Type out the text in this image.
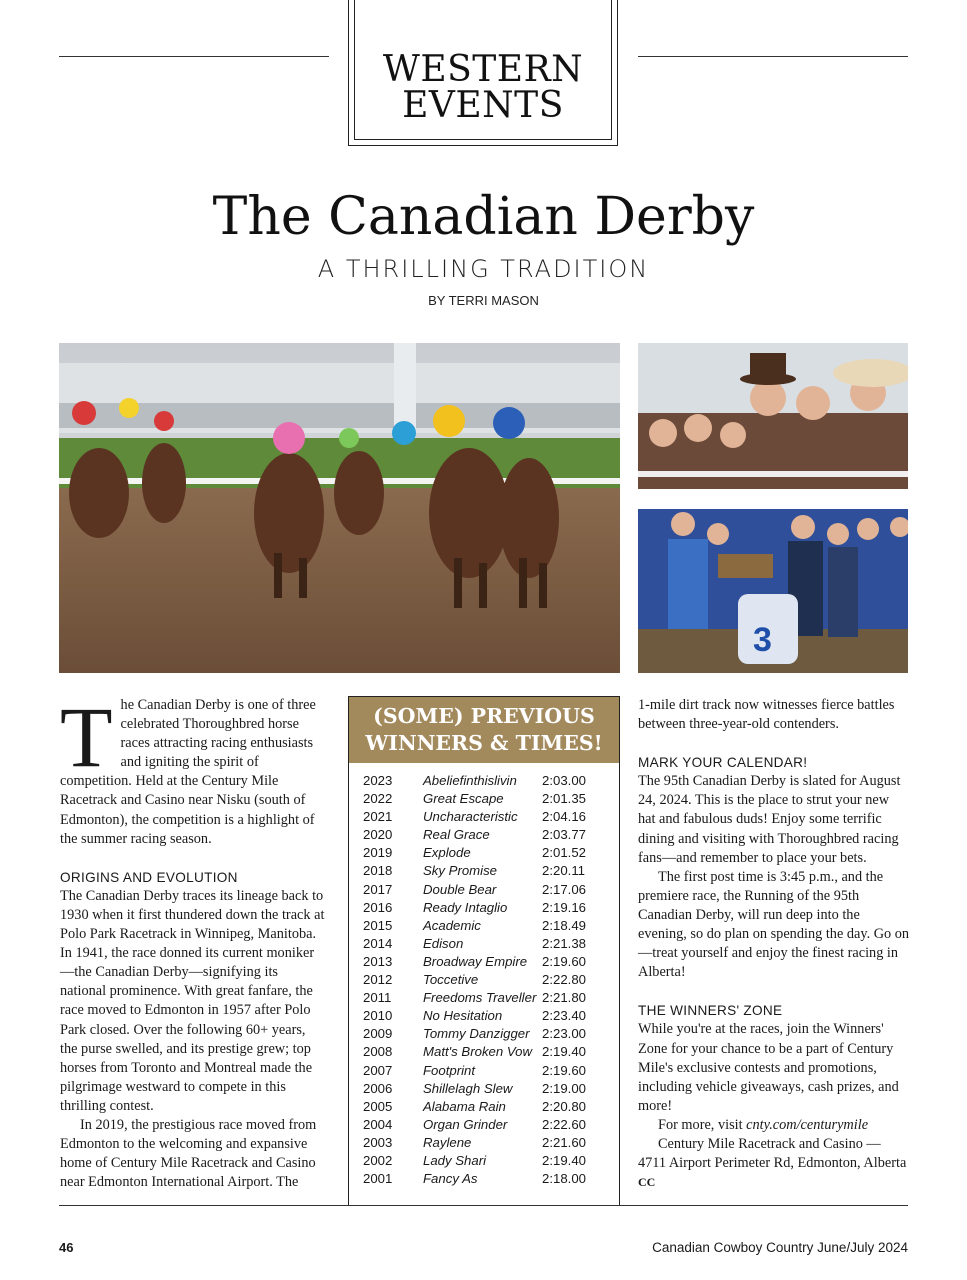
WESTERN
EVENTS
The Canadian Derby
A THRILLING TRADITION
BY TERRI MASON
3

The Canadian Derby is one of three celebrated Thoroughbred horse races attracting racing enthusiasts and igniting the spirit of competition. Held at the Century Mile Racetrack and Casino near Nisku (south of Edmonton), the competition is a highlight of the summer racing season.

ORIGINS AND EVOLUTION

The Canadian Derby traces its lineage back to 1930 when it first thundered down the track at Polo Park Racetrack in Winnipeg, Manitoba. In 1941, the race donned its current moniker—the Canadian Derby—signifying its national prominence. With great fanfare, the race moved to Edmonton in 1957 after Polo Park closed. Over the following 60+ years, the purse swelled, and its prestige grew; top horses from Toronto and Montreal made the pilgrimage westward to compete in this thrilling contest.

In 2019, the prestigious race moved from Edmonton to the welcoming and expansive home of Century Mile Racetrack and Casino near Edmonton International Airport. The

(SOME) PREVIOUS
WINNERS & TIMES!
2023 Abeliefinthislivin 2:03.00
2022 Great Escape	2:01.35
2021 Uncharacteristic 2:04.16
2020 Real Grace	2:03.77
2019 Explode	2:01.52
2018 Sky Promise	2:20.11
2017 Double Bear	2:17.06
2016 Ready Intaglio	2:19.16
2015 Academic	2:18.49
2014 Edison	2:21.38
2013 Broadway Empire 2:19.60
2012 Toccetive	2:22.80
2011 Freedoms Traveller 2:21.80
2010 No Hesitation	2:23.40
2009 Tommy Danzigger 2:23.00
2008 Matt's Broken Vow 2:19.40
2007 Footprint	2:19.60
2006 Shillelagh Slew 2:19.00
2005 Alabama Rain	2:20.80
2004 Organ Grinder	2:22.60
2003 Raylene	2:21.60
2002 Lady Shari	2:19.40
2001 Fancy As	2:18.00

1-mile dirt track now witnesses fierce battles between three-year-old contenders.

MARK YOUR CALENDAR!

The 95th Canadian Derby is slated for August 24, 2024. This is the place to strut your new hat and fabulous duds! Enjoy some terrific dining and visiting with Thoroughbred racing fans—and remember to place your bets.

The first post time is 3:45 p.m., and the premiere race, the Running of the 95th Canadian Derby, will run deep into the evening, so do plan on spending the day. Go on—treat yourself and enjoy the finest racing in Alberta!

THE WINNERS' ZONE

While you're at the races, join the Winners' Zone for your chance to be a part of Century Mile's exclusive contests and promotions, including vehicle giveaways, cash prizes, and more!

For more, visit cnty.com/centurymile

Century Mile Racetrack and Casino — 4711 Airport Perimeter Rd, Edmonton, Alberta CC

46	Canadian Cowboy Country June/July 2024
